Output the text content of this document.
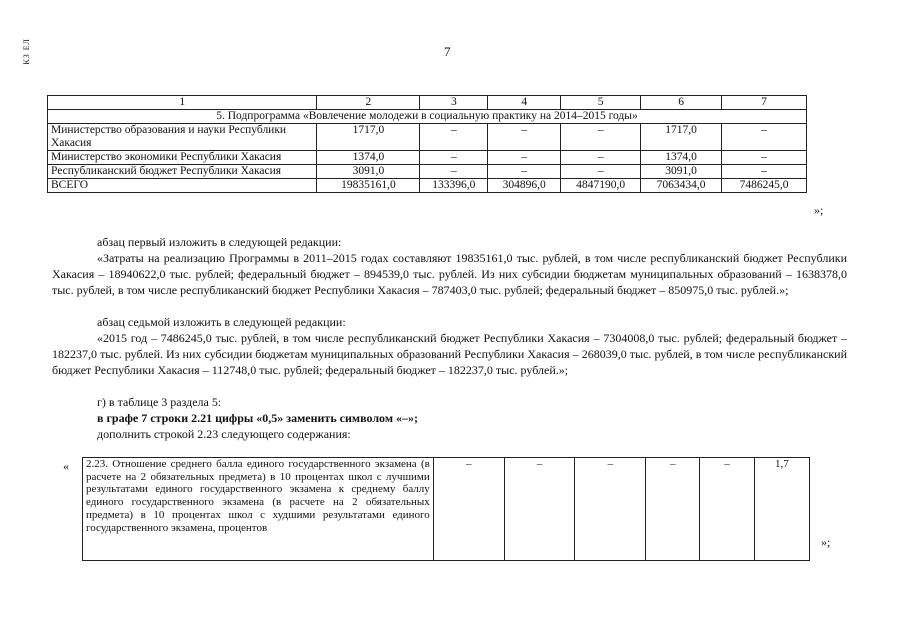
КЗ ЕЛ	7
1	2	3	4	5	6	7
5. Подпрограмма «Вовлечение молодежи в социальную практику на 2014–2015 годы»						
Министерство образования и науки Республики Хакасия	1717,0	–	–	–	1717,0	–
Министерство экономики Республики Хакасия	1374,0	–	–	–	1374,0	–
Республиканский бюджет Республики Хакасия	3091,0	–	–	–	3091,0	–
ВСЕГО	19835161,0	133396,0	304896,0	4847190,0	7063434,0	7486245,0
»;

абзац первый изложить в следующей редакции:

«Затраты на реализацию Программы в 2011–2015 годах составляют 19835161,0 тыс. рублей, в том числе республиканский бюджет Республики Хакасия – 18940622,0 тыс. рублей; федеральный бюджет – 894539,0 тыс. рублей. Из них субсидии бюджетам муниципальных образований – 1638378,0 тыс. рублей, в том числе республиканский бюджет Республики Хакасия – 787403,0 тыс. рублей; федеральный бюджет – 850975,0 тыс. рублей.»;

абзац седьмой изложить в следующей редакции:

«2015 год – 7486245,0 тыс. рублей, в том числе республиканский бюджет Республики Хакасия – 7304008,0 тыс. рублей; федеральный бюджет – 182237,0 тыс. рублей. Из них субсидии бюджетам муниципальных образований Республики Хакасия – 268039,0 тыс. рублей, в том числе республиканский бюджет Республики Хакасия – 112748,0 тыс. рублей; федеральный бюджет – 182237,0 тыс. рублей.»;

г) в таблице 3 раздела 5:

в графе 7 строки 2.21 цифры «0,5» заменить символом «–»;

дополнить строкой 2.23 следующего содержания:

« 2.23. Отношение среднего балла единого государственного экзамена (в расчете на 2 обязательных предмета) в 10 процентах школ с лучшими результатами единого государственного экзамена к среднему баллу единого государственного экзамена (в расчете на 2 обязательных предмета) в 10 процентах школ с худшими результатами единого государственного экзамена, процентов	–	–	–	–	–	1,7
»;
